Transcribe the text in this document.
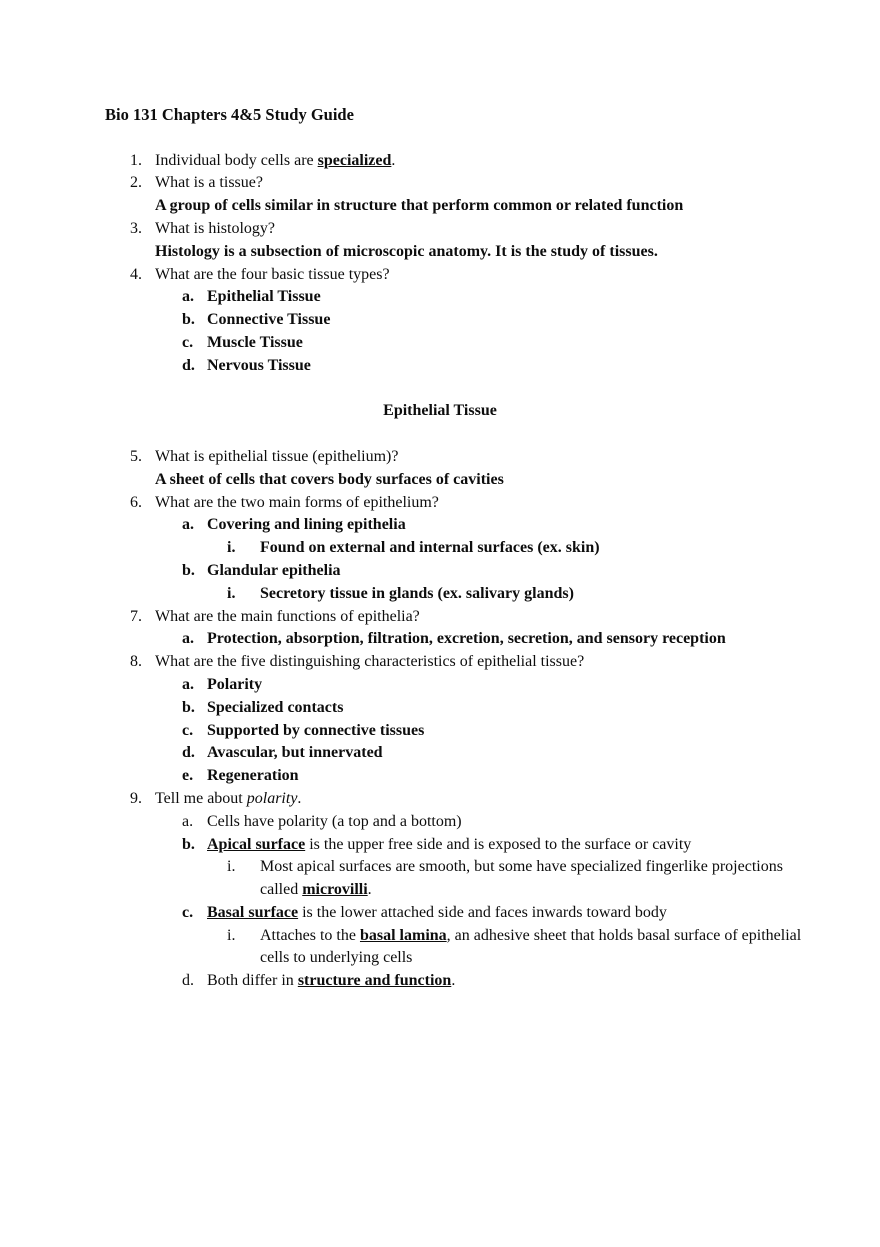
Bio 131 Chapters 4&5 Study Guide
1. Individual body cells are specialized.
2. What is a tissue?
A group of cells similar in structure that perform common or related function
3. What is histology?
Histology is a subsection of microscopic anatomy. It is the study of tissues.
4. What are the four basic tissue types?
a. Epithelial Tissue
b. Connective Tissue
c. Muscle Tissue
d. Nervous Tissue
Epithelial Tissue
5. What is epithelial tissue (epithelium)?
A sheet of cells that covers body surfaces of cavities
6. What are the two main forms of epithelium?
a. Covering and lining epithelia
i.	Found on external and internal surfaces (ex. skin)
b. Glandular epithelia
i.	Secretory tissue in glands (ex. salivary glands)
7. What are the main functions of epithelia?
a. Protection, absorption, filtration, excretion, secretion, and sensory reception
8. What are the five distinguishing characteristics of epithelial tissue?
a. Polarity
b. Specialized contacts
c. Supported by connective tissues
d. Avascular, but innervated
e. Regeneration
9. Tell me about polarity.
a. Cells have polarity (a top and a bottom)
b. Apical surface is the upper free side and is exposed to the surface or cavity
i.	Most apical surfaces are smooth, but some have specialized fingerlike projections called microvilli.
c. Basal surface is the lower attached side and faces inwards toward body
i.	Attaches to the basal lamina, an adhesive sheet that holds basal surface of epithelial cells to underlying cells
d. Both differ in structure and function.
